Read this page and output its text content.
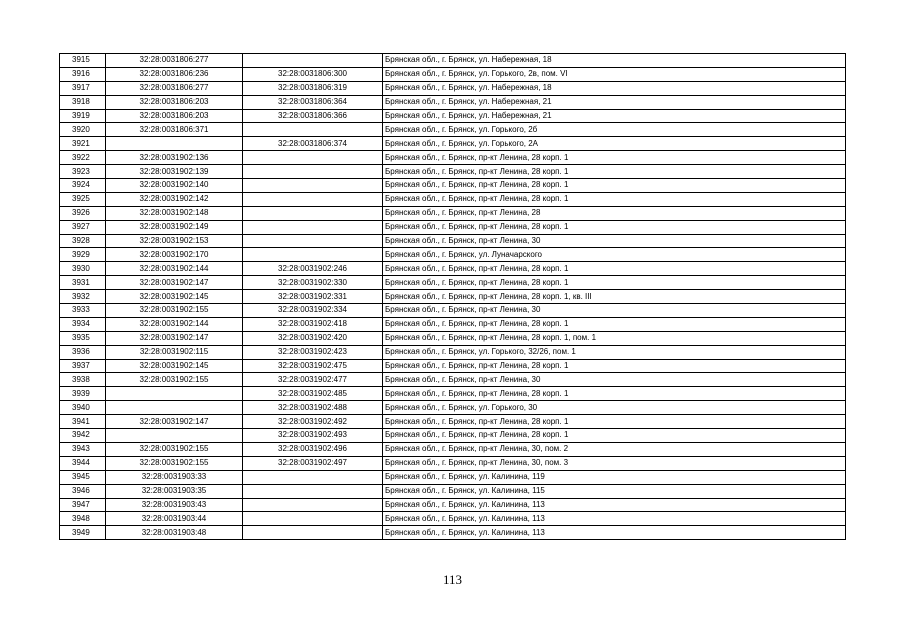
3915	32:28:0031806:277		Брянская обл., г. Брянск, ул. Набережная, 18
3916	32:28:0031806:236	32:28:0031806:300	Брянская обл., г. Брянск, ул. Горького, 2в, пом. VI
3917	32:28:0031806:277	32:28:0031806:319	Брянская обл., г. Брянск, ул. Набережная, 18
3918	32:28:0031806:203	32:28:0031806:364	Брянская обл., г. Брянск, ул. Набережная, 21
3919	32:28:0031806:203	32:28:0031806:366	Брянская обл., г. Брянск, ул. Набережная, 21
3920	32:28:0031806:371		Брянская обл., г. Брянск, ул. Горького, 2б
3921		32:28:0031806:374	Брянская обл., г. Брянск, ул. Горького, 2А
3922	32:28:0031902:136		Брянская обл., г. Брянск, пр-кт Ленина, 28 корп. 1
3923	32:28:0031902:139		Брянская обл., г. Брянск, пр-кт Ленина, 28 корп. 1
3924	32:28:0031902:140		Брянская обл., г. Брянск, пр-кт Ленина, 28 корп. 1
3925	32:28:0031902:142		Брянская обл., г. Брянск, пр-кт Ленина, 28 корп. 1
3926	32:28:0031902:148		Брянская обл., г. Брянск, пр-кт Ленина, 28
3927	32:28:0031902:149		Брянская обл., г. Брянск, пр-кт Ленина, 28 корп. 1
3928	32:28:0031902:153		Брянская обл., г. Брянск, пр-кт Ленина, 30
3929	32:28:0031902:170		Брянская обл., г. Брянск, ул. Луначарского
3930	32:28:0031902:144	32:28:0031902:246	Брянская обл., г. Брянск, пр-кт Ленина, 28 корп. 1
3931	32:28:0031902:147	32:28:0031902:330	Брянская обл., г. Брянск, пр-кт Ленина, 28 корп. 1
3932	32:28:0031902:145	32:28:0031902:331	Брянская обл., г. Брянск, пр-кт Ленина, 28 корп. 1, кв. III
3933	32:28:0031902:155	32:28:0031902:334	Брянская обл., г. Брянск, пр-кт Ленина, 30
3934	32:28:0031902:144	32:28:0031902:418	Брянская обл., г. Брянск, пр-кт Ленина, 28 корп. 1
3935	32:28:0031902:147	32:28:0031902:420	Брянская обл., г. Брянск, пр-кт Ленина, 28 корп. 1, пом. 1
3936	32:28:0031902:115	32:28:0031902:423	Брянская обл., г. Брянск, ул. Горького, 32/26, пом. 1
3937	32:28:0031902:145	32:28:0031902:475	Брянская обл., г. Брянск, пр-кт Ленина, 28 корп. 1
3938	32:28:0031902:155	32:28:0031902:477	Брянская обл., г. Брянск, пр-кт Ленина, 30
3939		32:28:0031902:485	Брянская обл., г. Брянск, пр-кт Ленина, 28 корп. 1
3940		32:28:0031902:488	Брянская обл., г. Брянск, ул. Горького, 30
3941	32:28:0031902:147	32:28:0031902:492	Брянская обл., г. Брянск, пр-кт Ленина, 28 корп. 1
3942		32:28:0031902:493	Брянская обл., г. Брянск, пр-кт Ленина, 28 корп. 1
3943	32:28:0031902:155	32:28:0031902:496	Брянская обл., г. Брянск, пр-кт Ленина, 30, пом. 2
3944	32:28:0031902:155	32:28:0031902:497	Брянская обл., г. Брянск, пр-кт Ленина, 30, пом. 3
3945	32:28:0031903:33		Брянская обл., г. Брянск, ул. Калинина, 119
3946	32:28:0031903:35		Брянская обл., г. Брянск, ул. Калинина, 115
3947	32:28:0031903:43		Брянская обл., г. Брянск, ул. Калинина, 113
3948	32:28:0031903:44		Брянская обл., г. Брянск, ул. Калинина, 113
3949	32:28:0031903:48		Брянская обл., г. Брянск, ул. Калинина, 113
113
